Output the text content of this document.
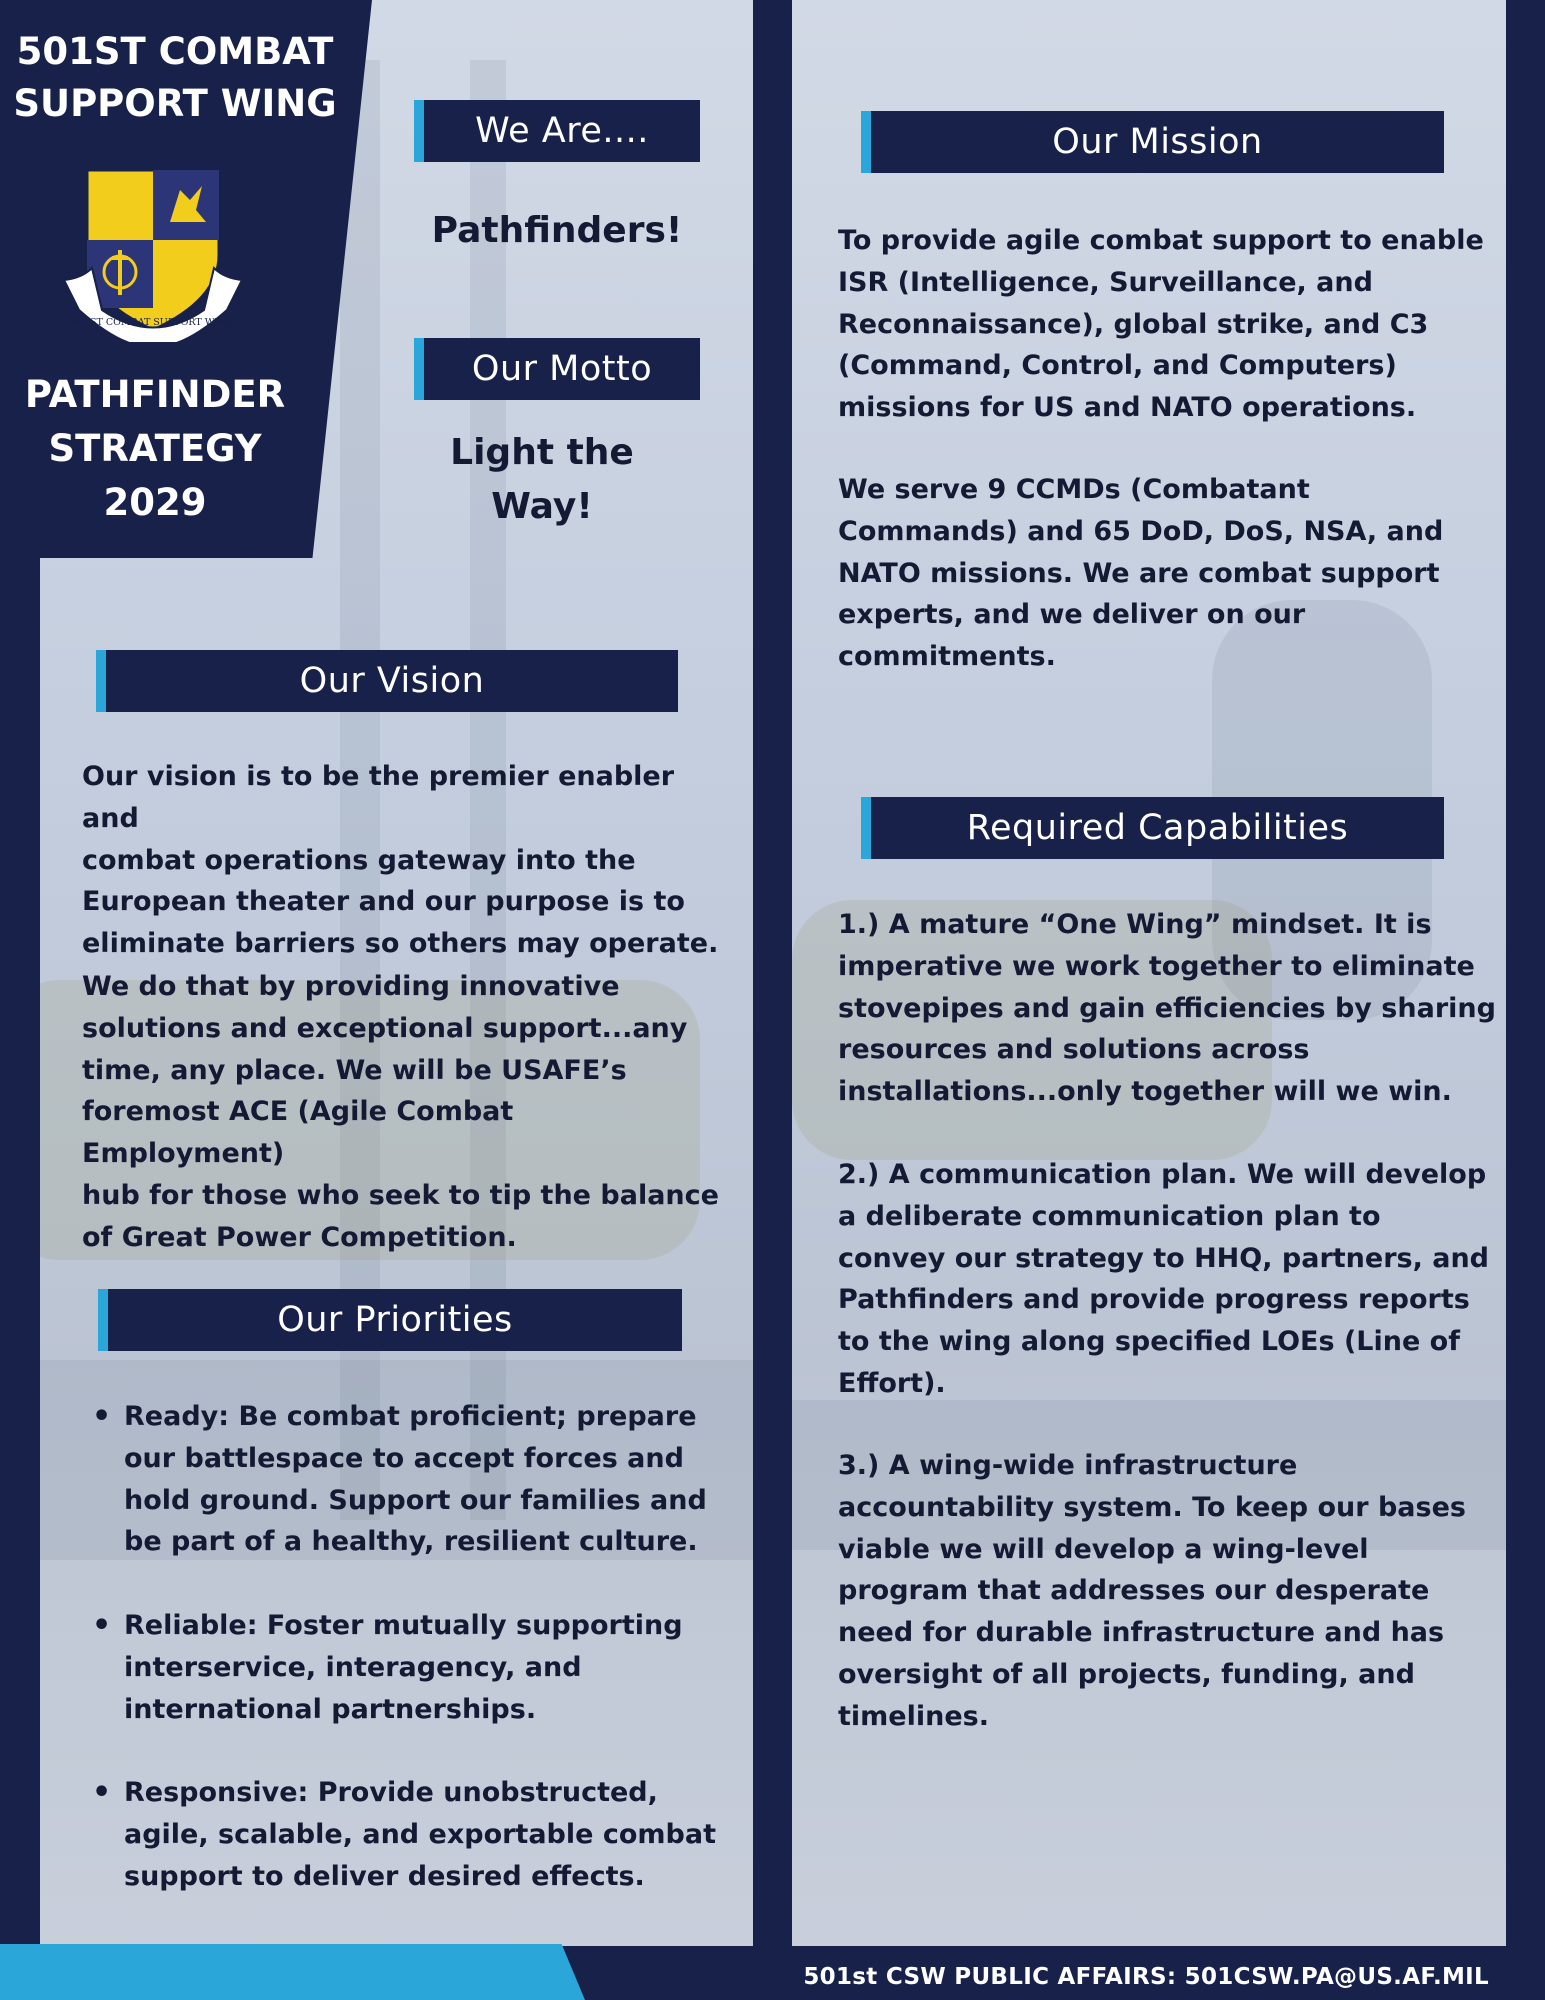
501ST COMBAT
SUPPORT WING
501ST COMBAT SUPPORT WING
PATHFINDER
STRATEGY
2029
We Are....
Pathfinders!
Our Motto
Light the
Way!
Our Vision
Our vision is to be the premier enabler and
combat operations gateway into the
European theater and our purpose is to
eliminate barriers so others may operate.
We do that by providing innovative
solutions and exceptional support...any
time, any place. We will be USAFE’s
foremost ACE (Agile Combat Employment)
hub for those who seek to tip the balance
of Great Power Competition.
Our Priorities
• Ready: Be combat proficient; prepare
our battlespace to accept forces and
hold ground. Support our families and
be part of a healthy, resilient culture.
• Reliable: Foster mutually supporting
interservice, interagency, and
international partnerships.
• Responsive: Provide unobstructed,
agile, scalable, and exportable combat
support to deliver desired effects.
Our Mission
To provide agile combat support to enable
ISR (Intelligence, Surveillance, and
Reconnaissance), global strike, and C3
(Command, Control, and Computers)
missions for US and NATO operations.
We serve 9 CCMDs (Combatant
Commands) and 65 DoD, DoS, NSA, and
NATO missions. We are combat support
experts, and we deliver on our
commitments.
Required Capabilities
1.) A mature “One Wing” mindset. It is
imperative we work together to eliminate
stovepipes and gain efficiencies by sharing
resources and solutions across
installations...only together will we win.
2.) A communication plan. We will develop
a deliberate communication plan to
convey our strategy to HHQ, partners, and
Pathfinders and provide progress reports
to the wing along specified LOEs (Line of
Effort).
3.) A wing-wide infrastructure
accountability system. To keep our bases
viable we will develop a wing-level
program that addresses our desperate
need for durable infrastructure and has
oversight of all projects, funding, and
timelines.
501st CSW PUBLIC AFFAIRS: 501CSW.PA@US.AF.MIL
